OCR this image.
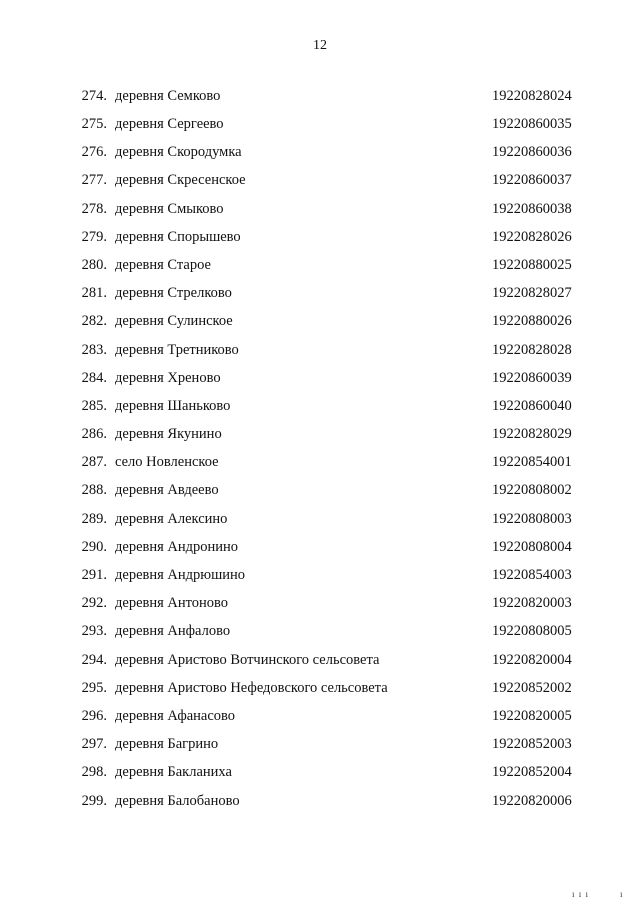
12
274. деревня Семково	19220828024
275. деревня Сергеево	19220860035
276. деревня Скородумка	19220860036
277. деревня Скресенское	19220860037
278. деревня Смыково	19220860038
279. деревня Спорышево	19220828026
280. деревня Старое	19220880025
281. деревня Стрелково	19220828027
282. деревня Сулинское	19220880026
283. деревня Третниково	19220828028
284. деревня Хреново	19220860039
285. деревня Шаньково	19220860040
286. деревня Якунино	19220828029
287. село Новленское	19220854001
288. деревня Авдеево	19220808002
289. деревня Алексино	19220808003
290. деревня Андронино	19220808004
291. деревня Андрюшино	19220854003
292. деревня Антоново	19220820003
293. деревня Анфалово	19220808005
294. деревня Аристово Вотчинского сельсовета	19220820004
295. деревня Аристово Нефедовского сельсовета	19220852002
296. деревня Афанасово	19220820005
297. деревня Багрино	19220852003
298. деревня Бакланиха	19220852004
299. деревня Балобаново	19220820006
ı ı ı	ı
